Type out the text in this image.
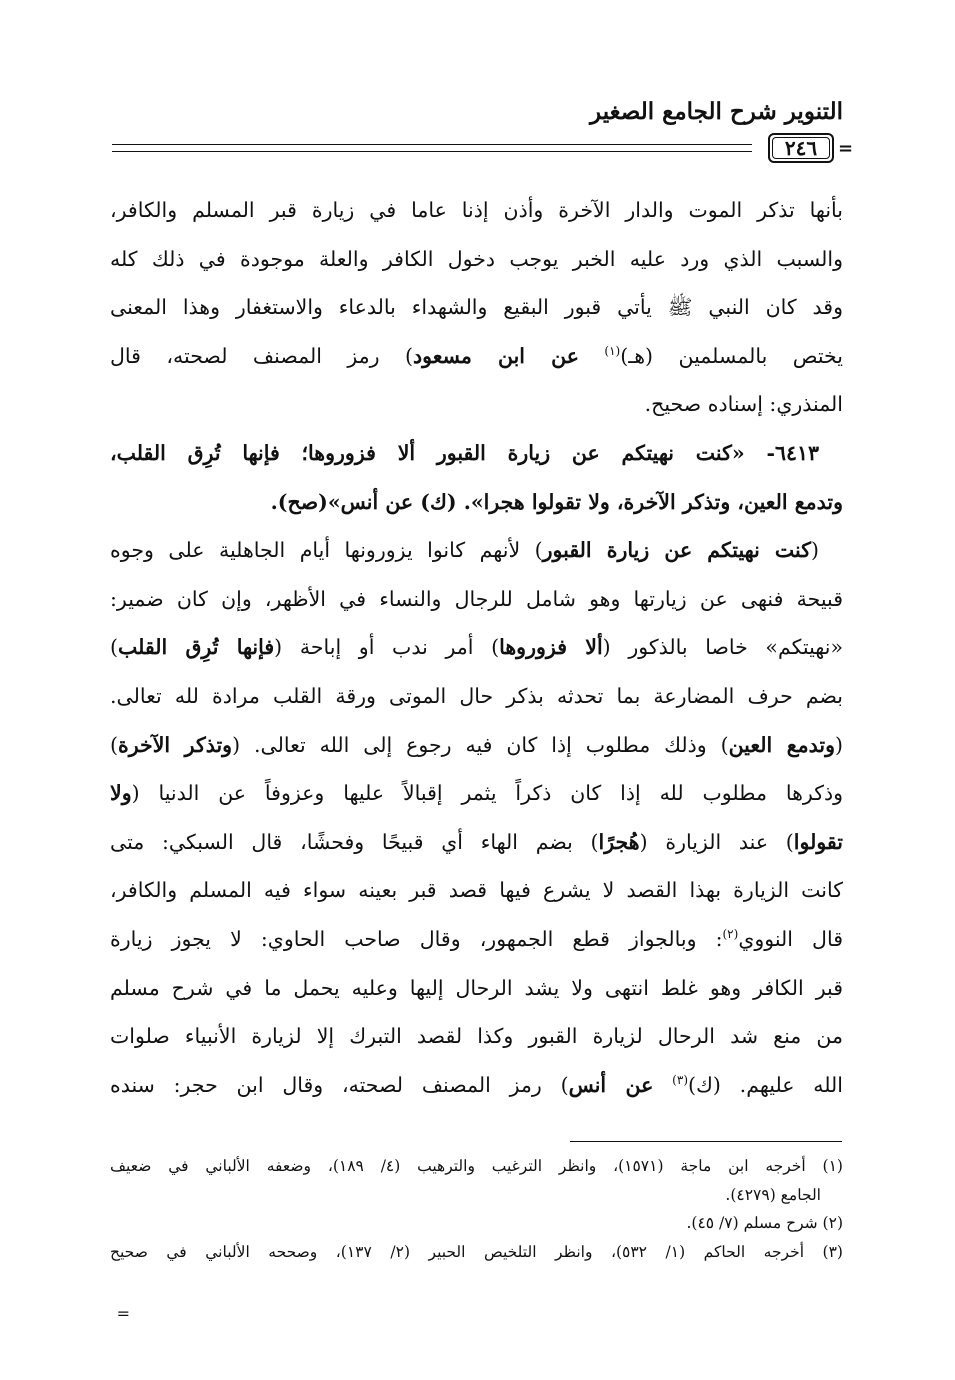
التنوير شرح الجامع الصغير
٢٤٦	=
بأنها تذكر الموت والدار الآخرة وأذن إذنا عاما في زيارة قبر المسلم والكافر،
والسبب الذي ورد عليه الخبر يوجب دخول الكافر والعلة موجودة في ذلك كله
وقد كان النبي ﷺ يأتي قبور البقيع والشهداء بالدعاء والاستغفار وهذا المعنى
يختص بالمسلمين (هـ)$^{(١)}$ عن ابن مسعود) رمز المصنف لصحته، قال
المنذري: إسناده صحيح.
٦٤١٣- «كنت نهيتكم عن زيارة القبور ألا فزوروها؛ فإنها تُرِق القلب،
وتدمع العين، وتذكر الآخرة، ولا تقولوا هجرا». (ك) عن أنس»(صح).
(كنت نهيتكم عن زيارة القبور) لأنهم كانوا يزورونها أيام الجاهلية على وجوه
قبيحة فنهى عن زيارتها وهو شامل للرجال والنساء في الأظهر، وإن كان ضمير:
«نهيتكم» خاصا بالذكور (ألا فزوروها) أمر ندب أو إباحة (فإنها تُرِق القلب)
بضم حرف المضارعة بما تحدثه بذكر حال الموتى ورقة القلب مرادة لله تعالى.
(وتدمع العين) وذلك مطلوب إذا كان فيه رجوع إلى الله تعالى. (وتذكر الآخرة)
وذكرها مطلوب لله إذا كان ذكراً يثمر إقبالاً عليها وعزوفاً عن الدنيا (ولا
تقولوا) عند الزيارة (هُجرًا) بضم الهاء أي قبيحًا وفحشًا، قال السبكي: متى
كانت الزيارة بهذا القصد لا يشرع فيها قصد قبر بعينه سواء فيه المسلم والكافر،
قال النووي$^{(٢)}$: وبالجواز قطع الجمهور، وقال صاحب الحاوي: لا يجوز زيارة
قبر الكافر وهو غلط انتهى ولا يشد الرحال إليها وعليه يحمل ما في شرح مسلم
من منع شد الرحال لزيارة القبور وكذا لقصد التبرك إلا لزيارة الأنبياء صلوات
الله عليهم. (ك)$^{(٣)}$ عن أنس) رمز المصنف لصحته، وقال ابن حجر: سنده
(١) أخرجه ابن ماجة (١٥٧١)، وانظر الترغيب والترهيب (٤/ ١٨٩)، وضعفه الألباني في ضعيف
الجامع (٤٢٧٩).
(٢) شرح مسلم (٧/ ٤٥).
(٣) أخرجه الحاكم (١/ ٥٣٢)، وانظر التلخيص الحبير (٢/ ١٣٧)، وصححه الألباني في صحيح
=
